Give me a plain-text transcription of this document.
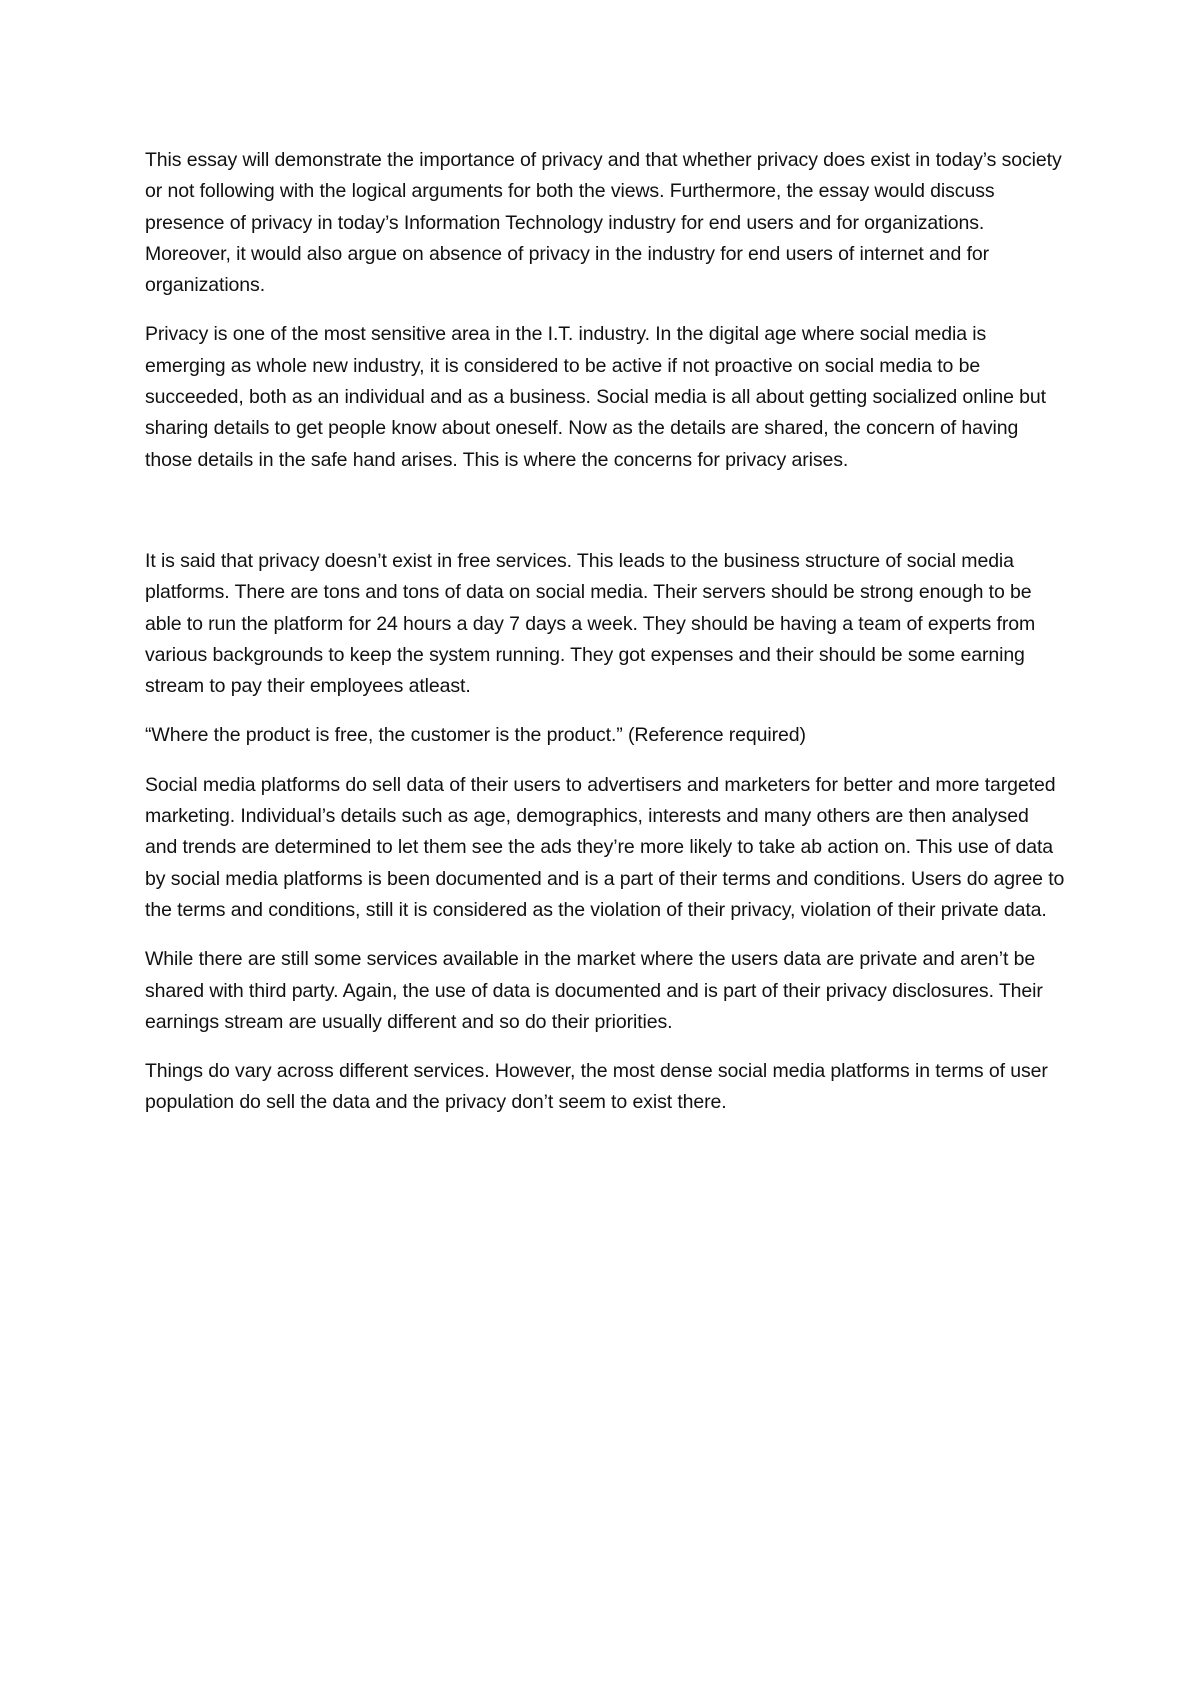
This essay will demonstrate the importance of privacy and that whether privacy does exist in today’s society or not following with the logical arguments for both the views. Furthermore, the essay would discuss presence of privacy in today’s Information Technology industry for end users and for organizations. Moreover, it would also argue on absence of privacy in the industry for end users of internet and for organizations.

Privacy is one of the most sensitive area in the I.T. industry. In the digital age where social media is emerging as whole new industry, it is considered to be active if not proactive on social media to be succeeded, both as an individual and as a business. Social media is all about getting socialized online but sharing details to get people know about oneself. Now as the details are shared, the concern of having those details in the safe hand arises. This is where the concerns for privacy arises.

It is said that privacy doesn’t exist in free services. This leads to the business structure of social media platforms. There are tons and tons of data on social media. Their servers should be strong enough to be able to run the platform for 24 hours a day 7 days a week. They should be having a team of experts from various backgrounds to keep the system running. They got expenses and their should be some earning stream to pay their employees atleast.

“Where the product is free, the customer is the product.” (Reference required)

Social media platforms do sell data of their users to advertisers and marketers for better and more targeted marketing. Individual’s details such as age, demographics, interests and many others are then analysed and trends are determined to let them see the ads they’re more likely to take ab action on. This use of data by social media platforms is been documented and is a part of their terms and conditions. Users do agree to the terms and conditions, still it is considered as the violation of their privacy, violation of their private data.

While there are still some services available in the market where the users data are private and aren’t be shared with third party. Again, the use of data is documented and is part of their privacy disclosures. Their earnings stream are usually different and so do their priorities.

Things do vary across different services. However, the most dense social media platforms in terms of user population do sell the data and the privacy don’t seem to exist there.
